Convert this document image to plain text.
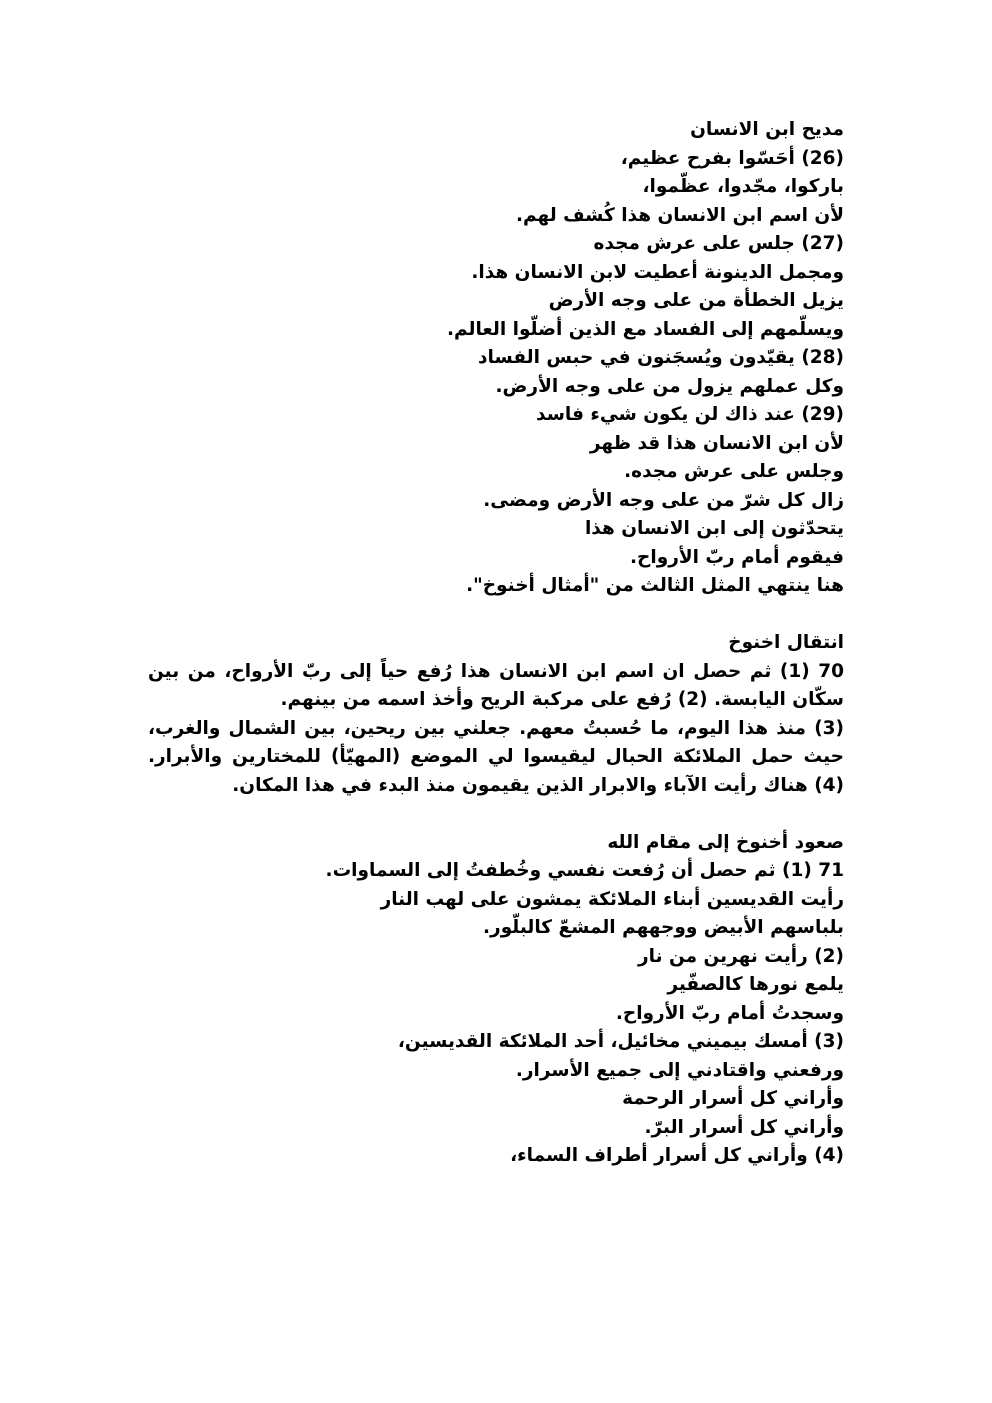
مديح ابن الانسان
(26) أحَسّوا بفرح عظيم،
باركوا، مجّدوا، عظّموا،
لأن اسم ابن الانسان هذا كُشف لهم.
(27) جلس على عرش مجده
ومجمل الدينونة أعطيت لابن الانسان هذا.
يزيل الخطأة من على وجه الأرض
ويسلّمهم إلى الفساد مع الذين أضلّوا العالم.
(28) يقيّدون ويُسجَنون في حبس الفساد
وكل عملهم يزول من على وجه الأرض.
(29) عند ذاك لن يكون شيء فاسد
لأن ابن الانسان هذا قد ظهر
وجلس على عرش مجده.
زال كل شرّ من على وجه الأرض ومضى.
يتحدّثون إلى ابن الانسان هذا
فيقوم أمام ربّ الأرواح.
هنا ينتهي المثل الثالث من "أمثال أخنوخ".
انتقال اخنوخ
70 (1) ثم حصل ان اسم ابن الانسان هذا رُفع حياً إلى ربّ الأرواح، من بين سكّان اليابسة. (2) رُفع على مركبة الريح وأخذ اسمه من بينهم.
(3) منذ هذا اليوم، ما حُسبتُ معهم. جعلني بين ريحين، بين الشمال والغرب، حيث حمل الملائكة الحبال ليقيسوا لي الموضع (المهيّأ) للمختارين والأبرار. (4) هناك رأيت الآباء والابرار الذين يقيمون منذ البدء في هذا المكان.
صعود أخنوخ إلى مقام الله
71 (1) ثم حصل أن رُفعت نفسي وخُطفتُ إلى السماوات.
رأيت القديسين أبناء الملائكة يمشون على لهب النار
بلباسهم الأبيض ووجههم المشعّ كالبلّور.
(2) رأيت نهرين من نار
يلمع نورها كالصفّير
وسجدتُ أمام ربّ الأرواح.
(3) أمسك بيميني مخائيل، أحد الملائكة القديسين،
ورفعني واقتادني إلى جميع الأسرار.
وأراني كل أسرار الرحمة
وأراني كل أسرار البرّ.
(4) وأراني كل أسرار أطراف السماء،
